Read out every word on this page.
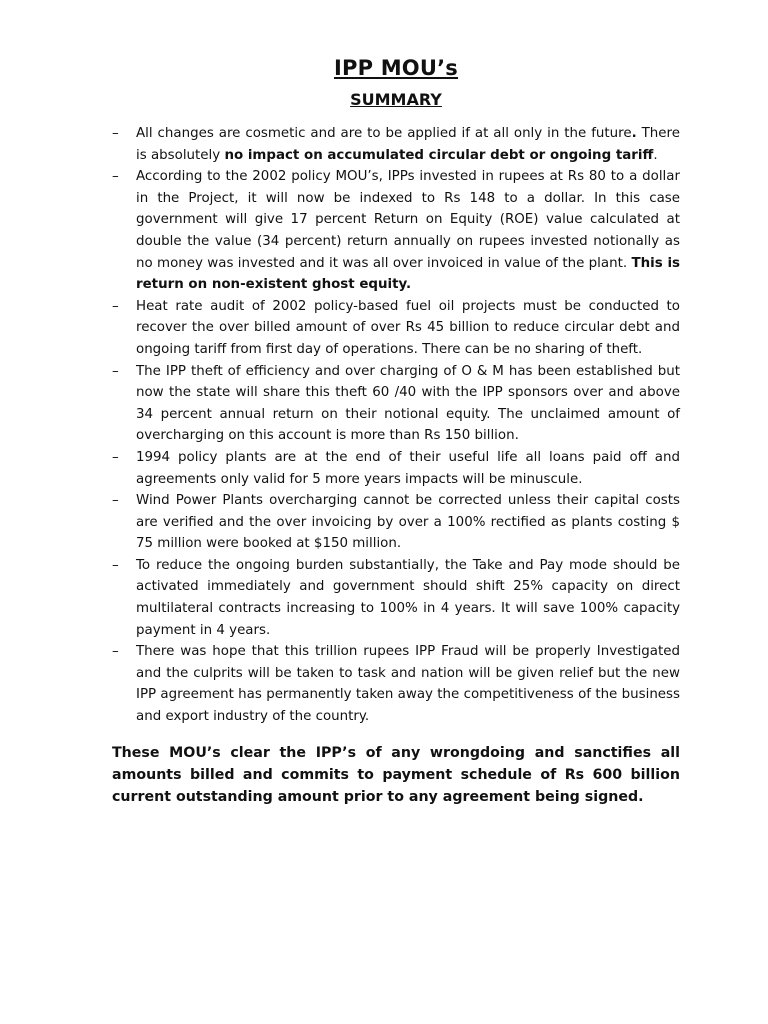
IPP MOU’s
SUMMARY
– All changes are cosmetic and are to be applied if at all only in the future. There is absolutely no impact on accumulated circular debt or ongoing tariff.
– According to the 2002 policy MOU’s, IPPs invested in rupees at Rs 80 to a dollar in the Project, it will now be indexed to Rs 148 to a dollar. In this case government will give 17 percent Return on Equity (ROE) value calculated at double the value (34 percent) return annually on rupees invested notionally as no money was invested and it was all over invoiced in value of the plant. This is return on non-existent ghost equity.
– Heat rate audit of 2002 policy-based fuel oil projects must be conducted to recover the over billed amount of over Rs 45 billion to reduce circular debt and ongoing tariff from first day of operations. There can be no sharing of theft.
– The IPP theft of efficiency and over charging of O & M has been established but now the state will share this theft 60 /40 with the IPP sponsors over and above 34 percent annual return on their notional equity. The unclaimed amount of overcharging on this account is more than Rs 150 billion.
– 1994 policy plants are at the end of their useful life all loans paid off and agreements only valid for 5 more years impacts will be minuscule.
– Wind Power Plants overcharging cannot be corrected unless their capital costs are verified and the over invoicing by over a 100% rectified as plants costing $ 75 million were booked at $150 million.
– To reduce the ongoing burden substantially, the Take and Pay mode should be activated immediately and government should shift 25% capacity on direct multilateral contracts increasing to 100% in 4 years. It will save 100% capacity payment in 4 years.
– There was hope that this trillion rupees IPP Fraud will be properly Investigated and the culprits will be taken to task and nation will be given relief but the new IPP agreement has permanently taken away the competitiveness of the business and export industry of the country.
These MOU’s clear the IPP’s of any wrongdoing and sanctifies all amounts billed and commits to payment schedule of Rs 600 billion current outstanding amount prior to any agreement being signed.
